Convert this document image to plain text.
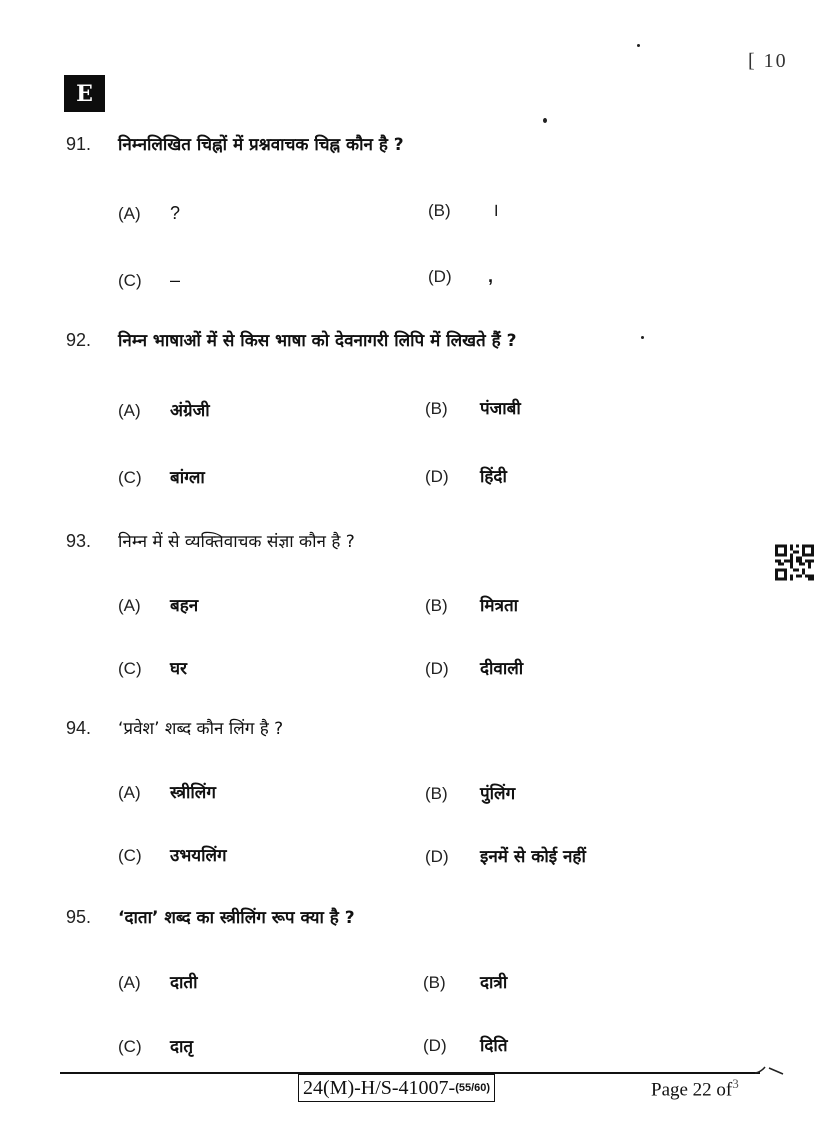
[ 10
E
91.	निम्नलिखित चिह्नों में प्रश्नवाचक चिह्न कौन है ?
(A)	?	(B)	।
(C)	–	(D)	,
92.	निम्न भाषाओं में से किस भाषा को देवनागरी लिपि में लिखते हैं ?
(A)	अंग्रेजी	(B)	पंजाबी
(C)	बांग्ला	(D)	हिंदी
93.	निम्न में से व्यक्तिवाचक संज्ञा कौन है ?
(A)	बहन	(B)	मित्रता
(C)	घर	(D)	दीवाली
94.	‘प्रवेश’ शब्द कौन लिंग है ?
(A)	स्त्रीलिंग	(B)	पुंलिंग
(C)	उभयलिंग	(D)	इनमें से कोई नहीं
95.	‘दाता’ शब्द का स्त्रीलिंग रूप क्या है ?
(A)	दाती	(B)	दात्री
(C)	दातृ	(D)	दिति
24(M)-H/S-41007- (55/60)	Page 22 $of^3$
